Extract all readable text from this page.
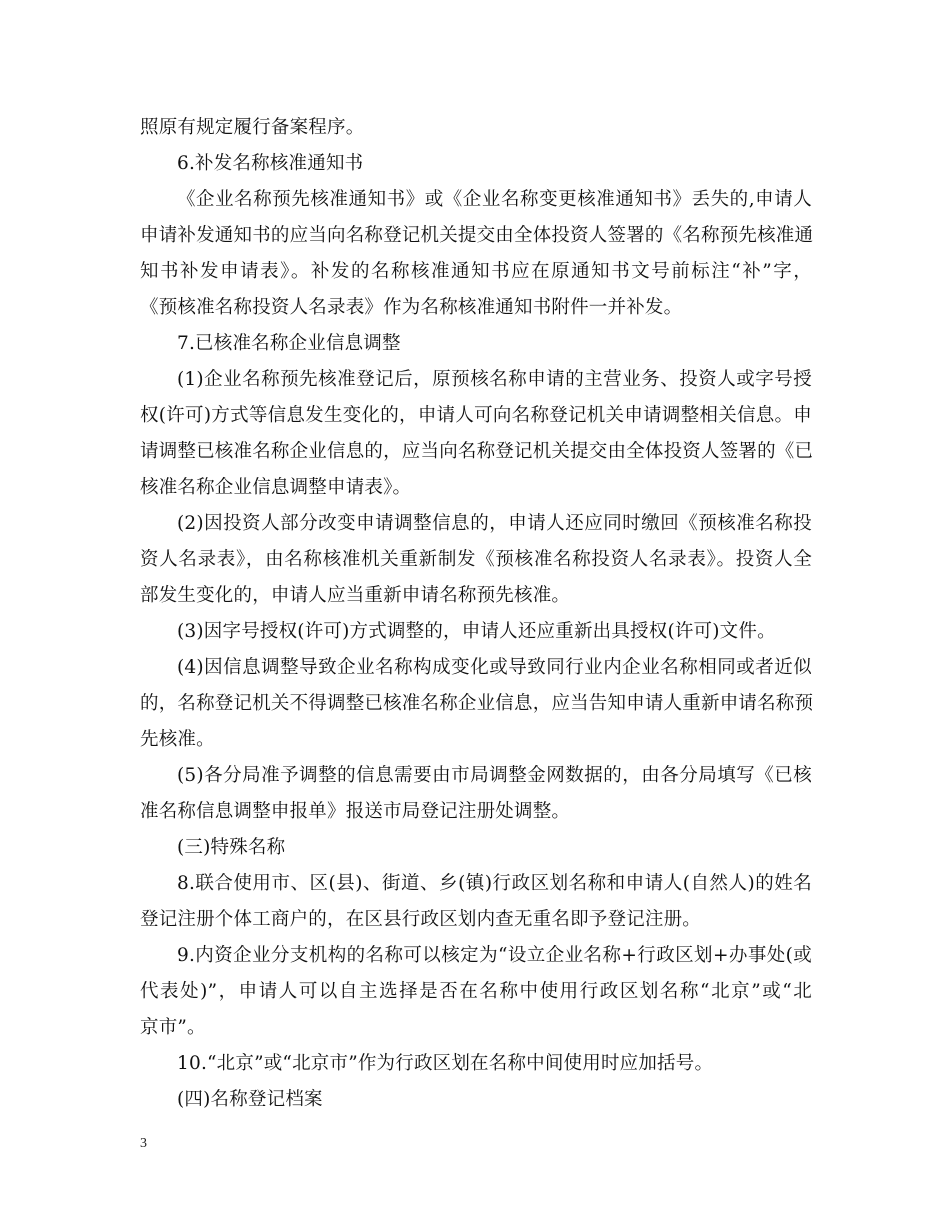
照原有规定履行备案程序。
6.补发名称核准通知书
《企业名称预先核准通知书》或《企业名称变更核准通知书》丢失的,申请人
申请补发通知书的应当向名称登记机关提交由全体投资人签署的《名称预先核准通
知书补发申请表》。补发的名称核准通知书应在原通知书文号前标注“补”字，
《预核准名称投资人名录表》作为名称核准通知书附件一并补发。
7.已核准名称企业信息调整
(1)企业名称预先核准登记后，原预核名称申请的主营业务、投资人或字号授
权(许可)方式等信息发生变化的，申请人可向名称登记机关申请调整相关信息。申
请调整已核准名称企业信息的，应当向名称登记机关提交由全体投资人签署的《已
核准名称企业信息调整申请表》。
(2)因投资人部分改变申请调整信息的，申请人还应同时缴回《预核准名称投
资人名录表》，由名称核准机关重新制发《预核准名称投资人名录表》。投资人全
部发生变化的，申请人应当重新申请名称预先核准。
(3)因字号授权(许可)方式调整的，申请人还应重新出具授权(许可)文件。
(4)因信息调整导致企业名称构成变化或导致同行业内企业名称相同或者近似
的，名称登记机关不得调整已核准名称企业信息，应当告知申请人重新申请名称预
先核准。
(5)各分局准予调整的信息需要由市局调整金网数据的，由各分局填写《已核
准名称信息调整申报单》报送市局登记注册处调整。
(三)特殊名称
8.联合使用市、区(县)、街道、乡(镇)行政区划名称和申请人(自然人)的姓名
登记注册个体工商户的，在区县行政区划内查无重名即予登记注册。
9.内资企业分支机构的名称可以核定为“设立企业名称+行政区划+办事处(或
代表处)”，申请人可以自主选择是否在名称中使用行政区划名称“北京”或“北
京市”。
10.“北京”或“北京市”作为行政区划在名称中间使用时应加括号。
(四)名称登记档案
3
